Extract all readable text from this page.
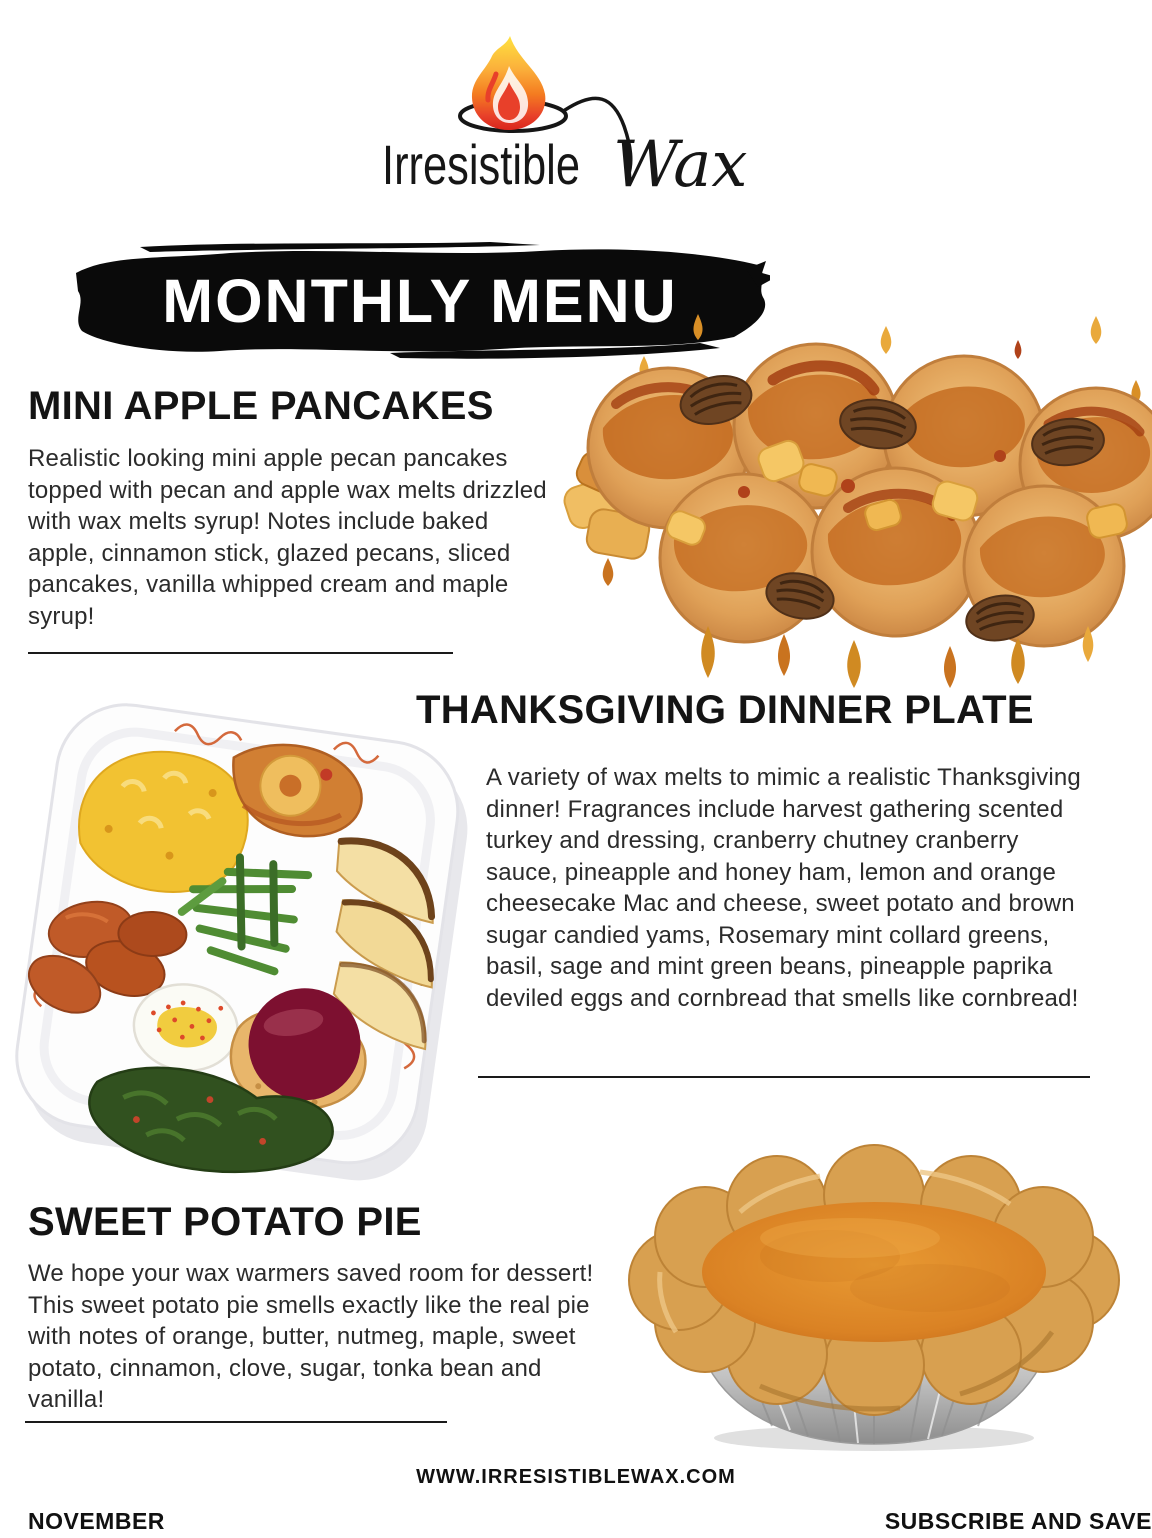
Irresistible Wax
MONTHLY MENU
MINI APPLE PANCAKES
Realistic looking mini apple pecan pancakes topped with pecan and apple wax melts drizzled with wax melts syrup! Notes include baked apple, cinnamon stick, glazed pecans, sliced pancakes, vanilla whipped cream and maple syrup!
THANKSGIVING DINNER PLATE
A variety of wax melts to mimic a realistic Thanksgiving dinner! Fragrances include harvest gathering scented turkey and dressing, cranberry chutney cranberry sauce, pineapple and honey ham, lemon and orange cheesecake Mac and cheese, sweet potato and brown sugar candied yams, Rosemary mint collard greens, basil, sage and mint green beans, pineapple paprika deviled eggs and cornbread that smells like cornbread!
SWEET POTATO PIE
We hope your wax warmers saved room for dessert! This sweet potato pie smells exactly like the real pie with notes of orange, butter, nutmeg, maple, sweet potato, cinnamon, clove, sugar, tonka bean and vanilla!
WWW.IRRESISTIBLEWAX.COM
NOVEMBER	SUBSCRIBE AND SAVE
